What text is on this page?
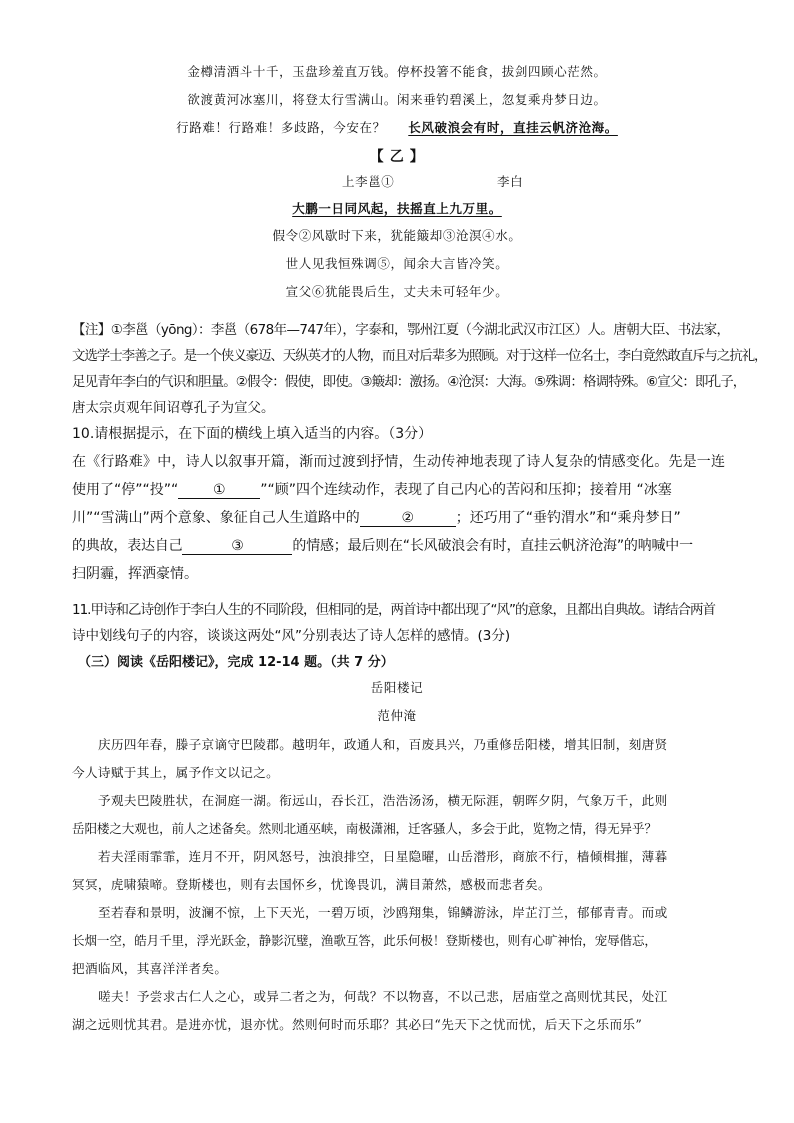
金樽清酒斗十千，玉盘珍羞直万钱。停杯投箸不能食，拔剑四顾心茫然。
欲渡黄河冰塞川，将登太行雪满山。闲来垂钓碧溪上，忽复乘舟梦日边。
行路难！行路难！多歧路，今安在？ 长风破浪会有时，直挂云帆济沧海。
【 乙 】
上李邕①	李白
大鹏一日同风起，扶摇直上九万里。
假令②风歇时下来，犹能簸却③沧溟④水。
世人见我恒殊调⑤，闻余大言皆冷笑。
宣父⑥犹能畏后生，丈夫未可轻年少。
【注】①李邕（yōng）：李邕（678年—747年），字泰和，鄂州江夏（今湖北武汉市江区）人。唐朝大臣、书法家，
文选学士李善之子。是一个侠义豪迈、天纵英才的人物，而且对后辈多为照顾。对于这样一位名士，李白竟然敢直斥与之抗礼，
足见青年李白的气识和胆量。②假令：假使，即使。③簸却：激扬。④沧溟：大海。⑤殊调：格调特殊。⑥宣父：即孔子，
唐太宗贞观年间诏尊孔子为宣父。
10.请根据提示，在下面的横线上填入适当的内容。（3分）
在《行路难》中，诗人以叙事开篇，渐而过渡到抒情，生动传神地表现了诗人复杂的情感变化。先是一连
使用了“停”“投”“ ① ”“顾”四个连续动作，表现了自己内心的苦闷和压抑；接着用 “冰塞
川”“雪满山”两个意象、象征自己人生道路中的	②	；还巧用了“垂钓渭水”和“乘舟梦日”
的典故，表达自己	③	的情感；最后则在“长风破浪会有时，直挂云帆济沧海”的呐喊中一
扫阴霾，挥洒豪情。
11.甲诗和乙诗创作于李白人生的不同阶段，但相同的是，两首诗中都出现了“风”的意象，且都出自典故。请结合两首
诗中划线句子的内容，谈谈这两处“风”分别表达了诗人怎样的感情。(3分)
（三）阅读《岳阳楼记》，完成 12-14 题。（共 7 分）
岳阳楼记
范仲淹
庆历四年春，滕子京谪守巴陵郡。越明年，政通人和，百废具兴，乃重修岳阳楼，增其旧制，刻唐贤
今人诗赋于其上，属予作文以记之。
予观夫巴陵胜状，在洞庭一湖。衔远山，吞长江，浩浩汤汤，横无际涯，朝晖夕阴，气象万千，此则
岳阳楼之大观也，前人之述备矣。然则北通巫峡，南极潇湘，迁客骚人，多会于此，览物之情，得无异乎？
若夫淫雨霏霏，连月不开，阴风怒号，浊浪排空，日星隐曜，山岳潜形，商旅不行，樯倾楫摧，薄暮
冥冥，虎啸猿啼。登斯楼也，则有去国怀乡，忧谗畏讥，满目萧然，感极而悲者矣。
至若春和景明，波澜不惊，上下天光，一碧万顷，沙鸥翔集，锦鳞游泳，岸芷汀兰，郁郁青青。而或
长烟一空，皓月千里，浮光跃金，静影沉璧，渔歌互答，此乐何极！登斯楼也，则有心旷神怡，宠辱偕忘，
把酒临风，其喜洋洋者矣。
嗟夫！予尝求古仁人之心，或异二者之为，何哉？不以物喜，不以己悲，居庙堂之高则忧其民，处江
湖之远则忧其君。是进亦忧，退亦忧。然则何时而乐耶？其必曰“先天下之忧而忧，后天下之乐而乐”
